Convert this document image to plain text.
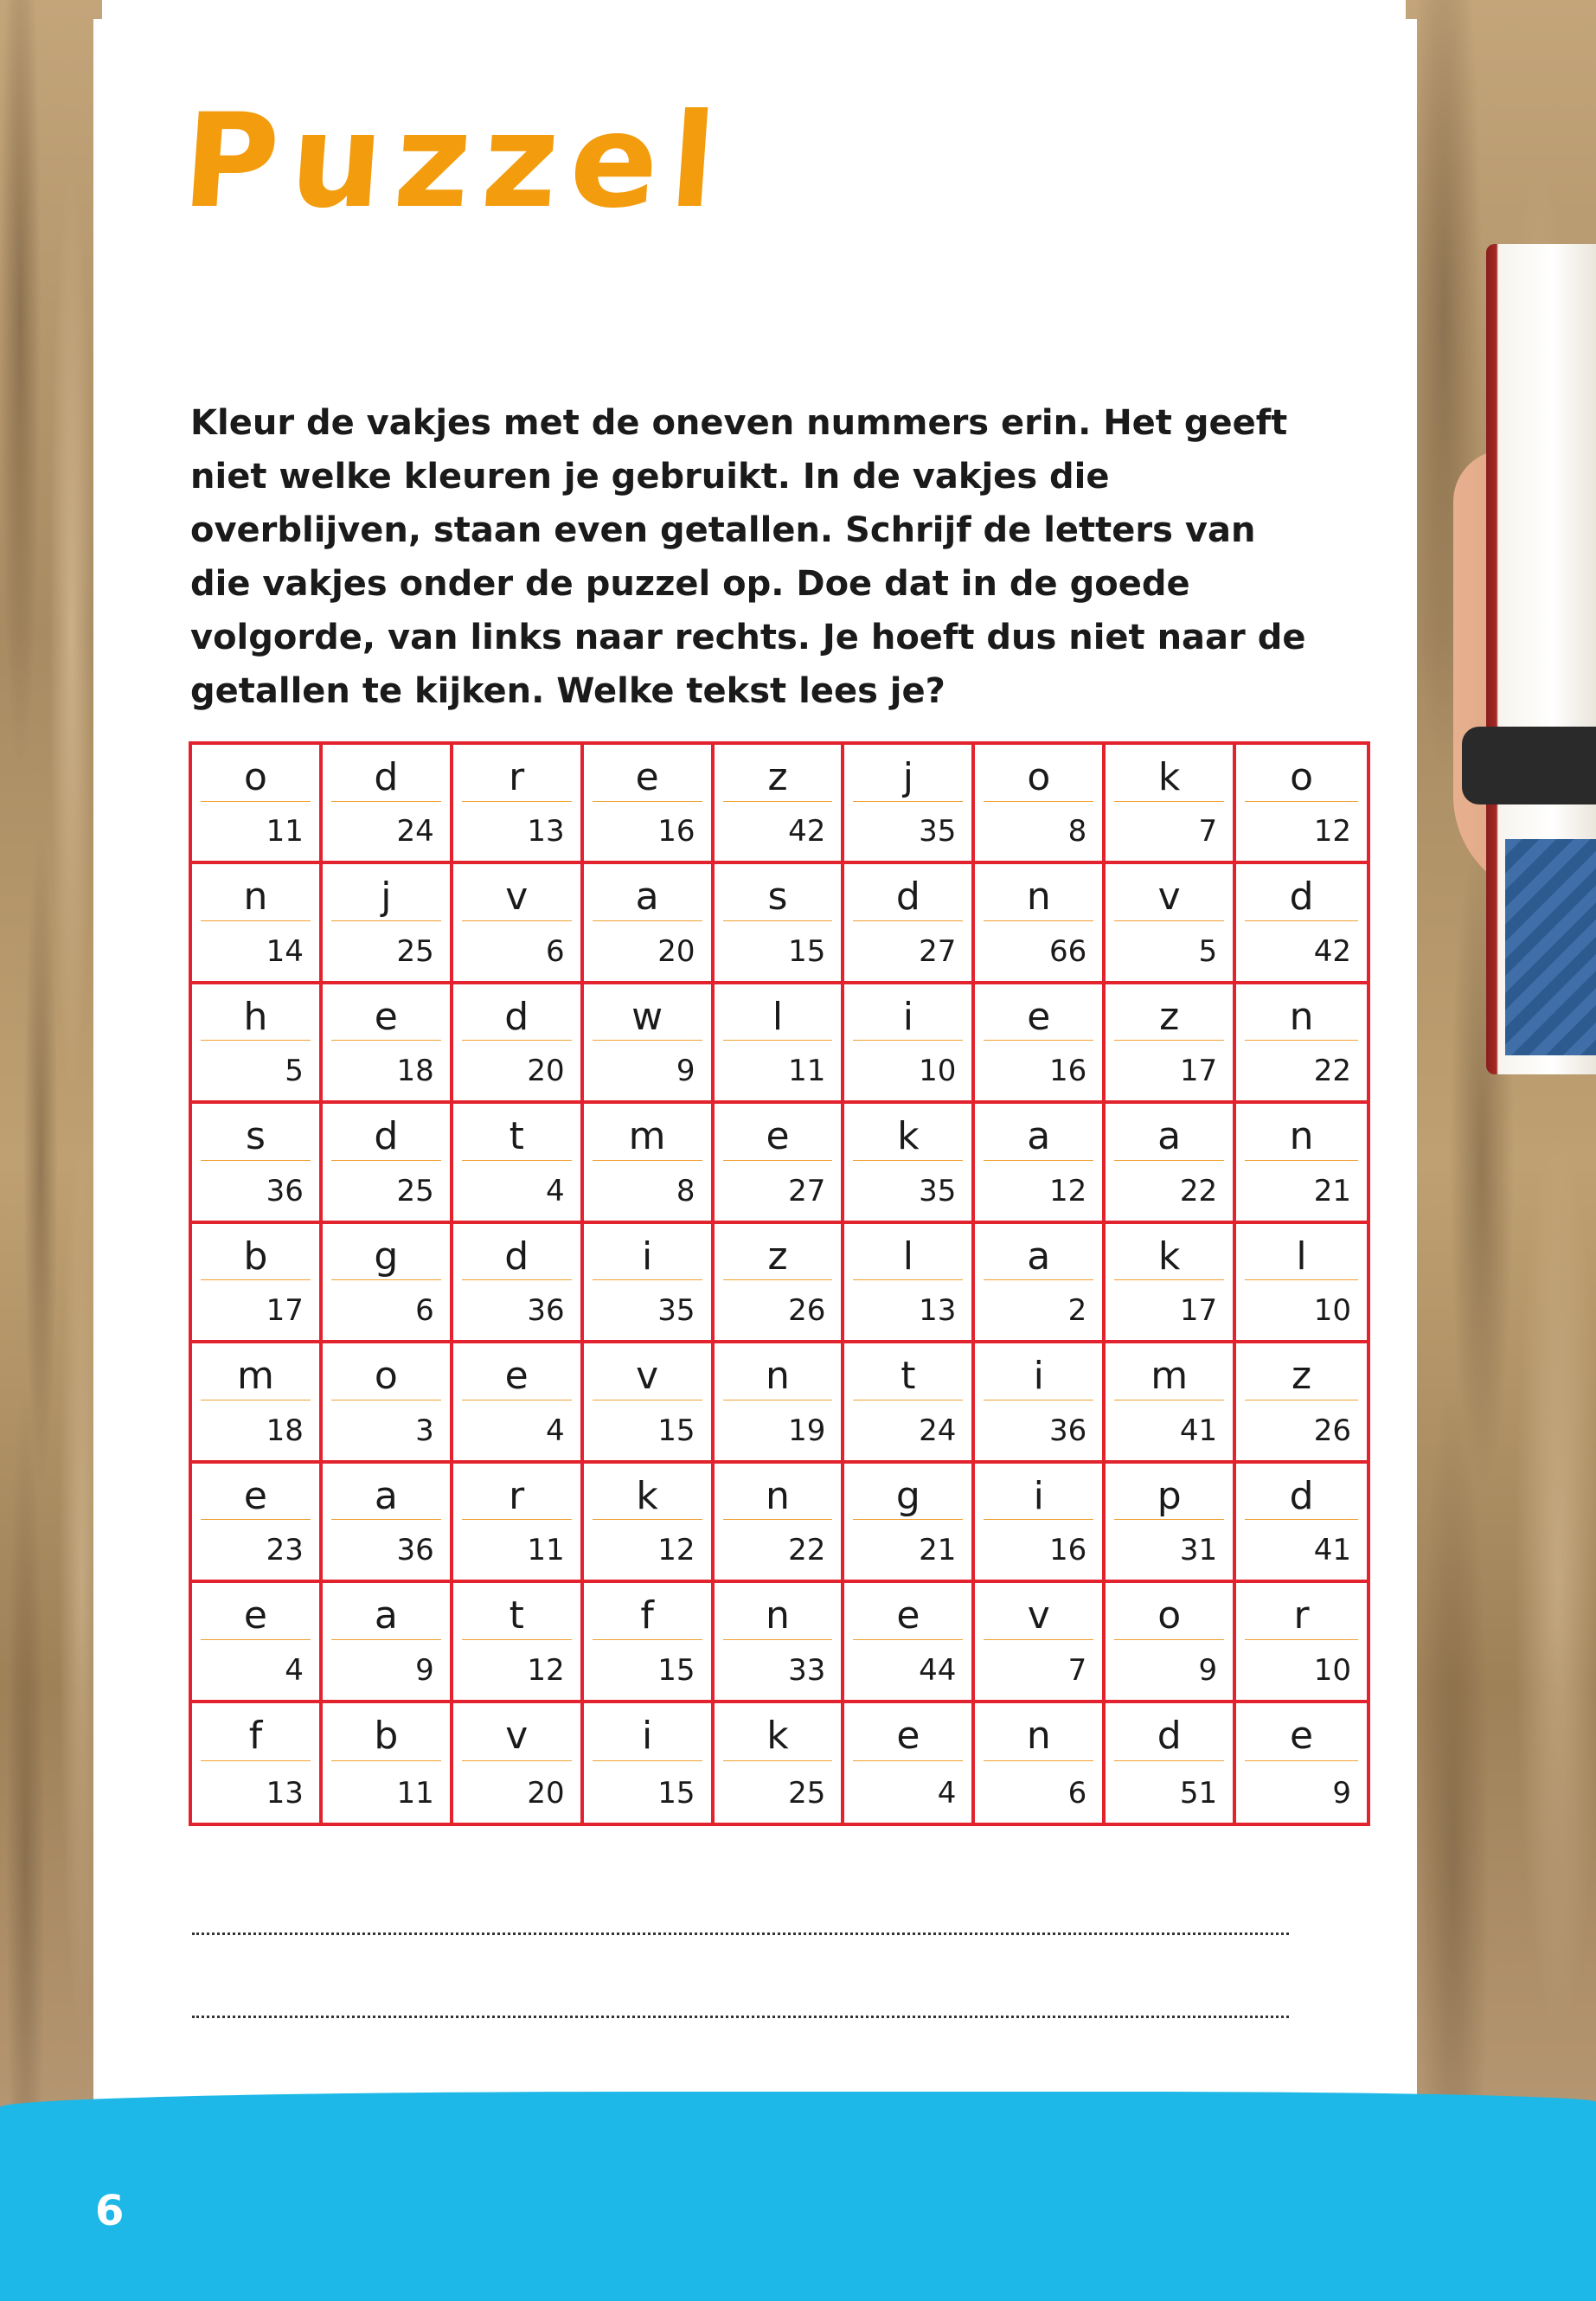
Puzzel

Kleur de vakjes met de oneven nummers erin. Het geeft niet welke kleuren je gebruikt. In de vakjes die overblijven, staan even getallen. Schrijf de letters van die vakjes onder de puzzel op. Doe dat in de goede volgorde, van links naar rechts. Je hoeft dus niet naar de getallen te kijken. Welke tekst lees je?

o
11
d
24
r
13
e
16
z
42
j
35
o
8
k
7
o
12
n
14
j
25
v
6
a
20
s
15
d
27
n
66
v
5
d
42
h
5
e
18
d
20
w
9
l
11
i
10
e
16
z
17
n
22
s
36
d
25
t
4
m
8
e
27
k
35
a
12
a
22
n
21
b
17
g
6
d
36
i
35
z
26
l
13
a
2
k
17
l
10
m
18
o
3
e
4
v
15
n
19
t
24
i
36
m
41
z
26
e
23
a
36
r
11
k
12
n
22
g
21
i
16
p
31
d
41
e
4
a
9
t
12
f
15
n
33
e
44
v
7
o
9
r
10
f
13
b
11
v
20
i
15
k
25
e
4
n
6
d
51
e
9
6
